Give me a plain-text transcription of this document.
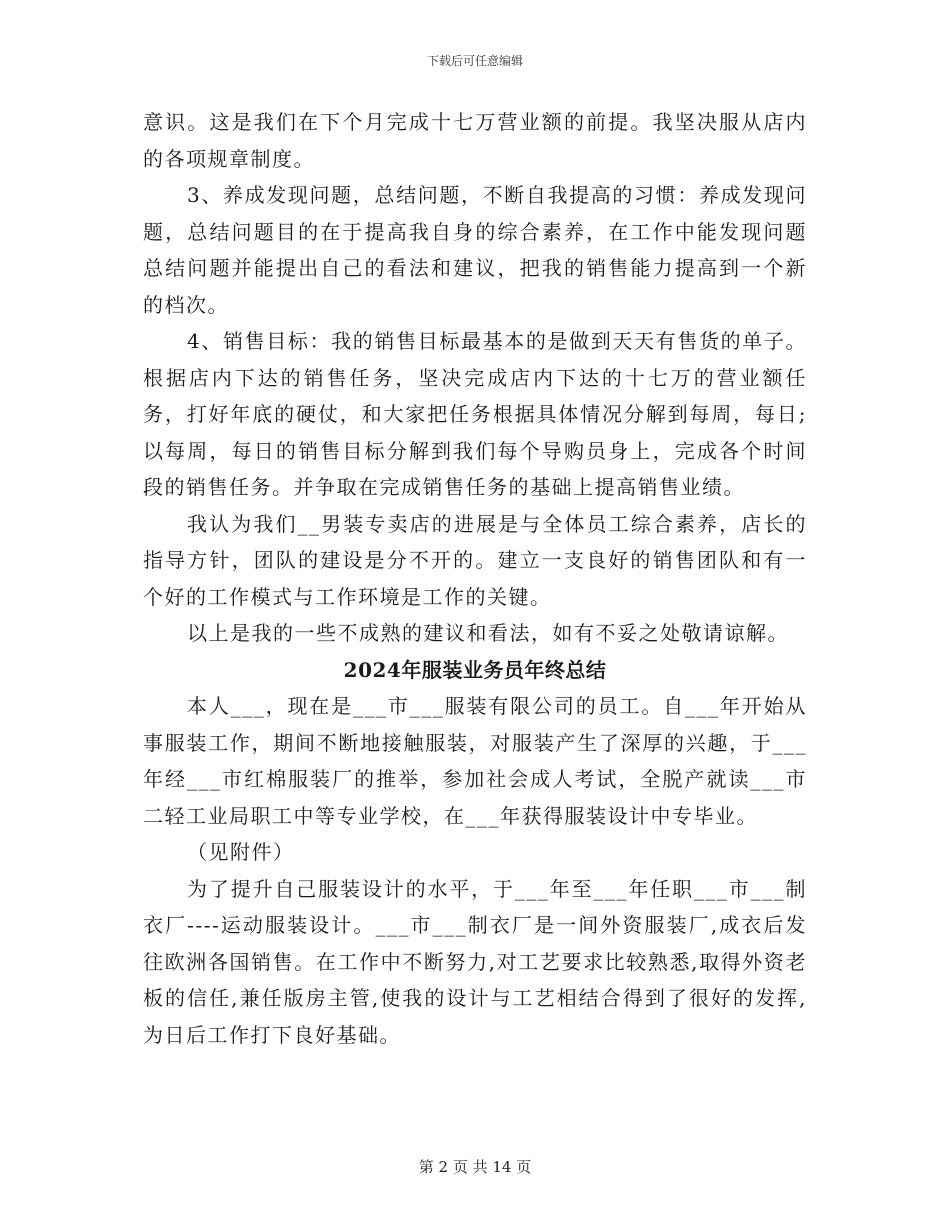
下载后可任意编辑

意识。这是我们在下个月完成十七万营业额的前提。我坚决服从店内的各项规章制度。

3、养成发现问题，总结问题，不断自我提高的习惯：养成发现问题，总结问题目的在于提高我自身的综合素养，在工作中能发现问题总结问题并能提出自己的看法和建议，把我的销售能力提高到一个新的档次。

4、销售目标：我的销售目标最基本的是做到天天有售货的单子。根据店内下达的销售任务，坚决完成店内下达的十七万的营业额任务，打好年底的硬仗，和大家把任务根据具体情况分解到每周，每日;以每周，每日的销售目标分解到我们每个导购员身上，完成各个时间段的销售任务。并争取在完成销售任务的基础上提高销售业绩。

我认为我们__男装专卖店的进展是与全体员工综合素养，店长的指导方针，团队的建设是分不开的。建立一支良好的销售团队和有一个好的工作模式与工作环境是工作的关键。

以上是我的一些不成熟的建议和看法，如有不妥之处敬请谅解。

2024年服装业务员年终总结

本人___，现在是___市___服装有限公司的员工。自___年开始从事服装工作，期间不断地接触服装，对服装产生了深厚的兴趣，于___年经___市红棉服装厂的推举，参加社会成人考试，全脱产就读___市二轻工业局职工中等专业学校，在___年获得服装设计中专毕业。

（见附件）

为了提升自己服装设计的水平，于___年至___年任职___市___制衣厂----运动服装设计。___市___制衣厂是一间外资服装厂,成衣后发往欧洲各国销售。在工作中不断努力,对工艺要求比较熟悉,取得外资老板的信任,兼任版房主管,使我的设计与工艺相结合得到了很好的发挥,为日后工作打下良好基础。

第 2 页 共 14 页
